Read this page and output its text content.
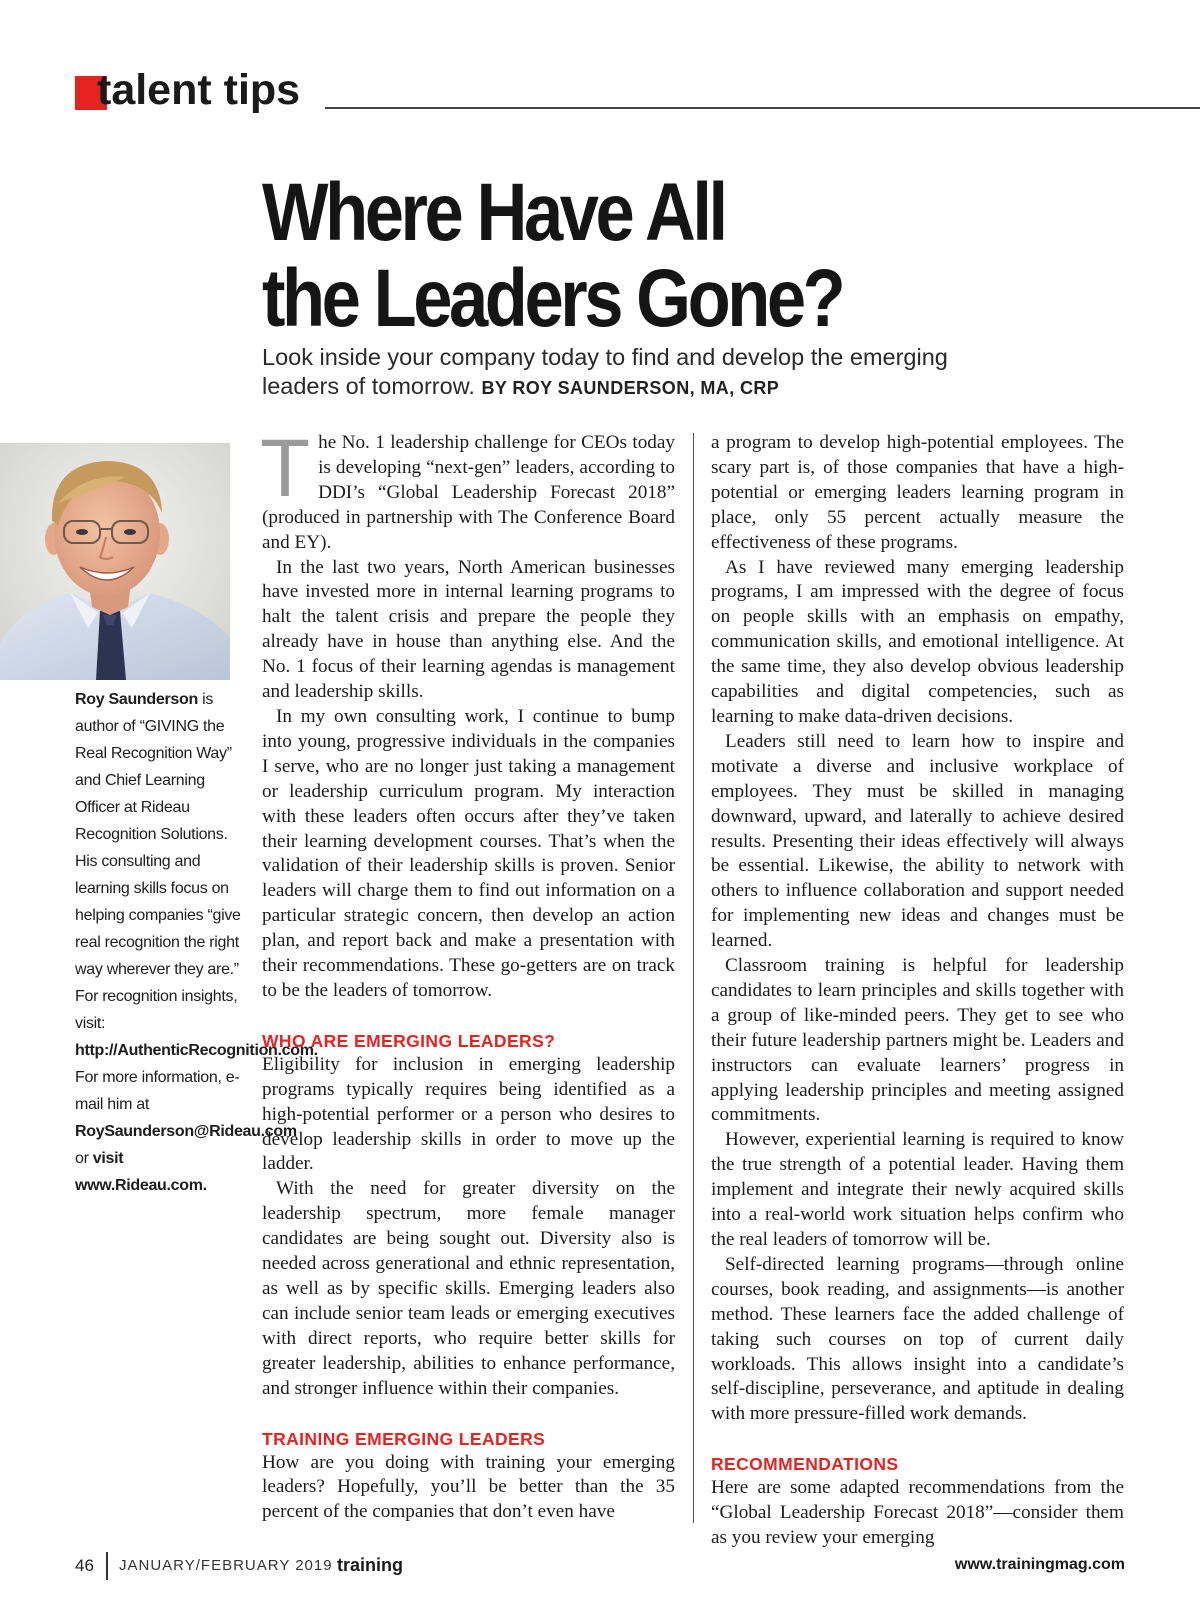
talent tips
Where Have All
the Leaders Gone?
Look inside your company today to find and develop the emerging leaders of tomorrow. BY ROY SAUNDERSON, MA, CRP
Roy Saunderson is author of “GIVING the Real Recognition Way” and Chief Learning Officer at Rideau Recognition Solutions. His consulting and learning skills focus on helping companies “give real recognition the right way wherever they are.” For recognition insights, visit: http://AuthenticRecognition.com. For more information, e-mail him at RoySaunderson@Rideau.com or visit www.Rideau.com.

The No. 1 leadership challenge for CEOs today is developing “next-gen” leaders, according to DDI’s “Global Leadership Forecast 2018” (produced in partnership with The Conference Board and EY).

In the last two years, North American businesses have invested more in internal learning programs to halt the talent crisis and prepare the people they already have in house than anything else. And the No. 1 focus of their learning agendas is management and leadership skills.

In my own consulting work, I continue to bump into young, progressive individuals in the companies I serve, who are no longer just taking a management or leadership curriculum program. My interaction with these leaders often occurs after they’ve taken their learning development courses. That’s when the validation of their leadership skills is proven. Senior leaders will charge them to find out information on a particular strategic concern, then develop an action plan, and report back and make a presentation with their recommendations. These go-getters are on track to be the leaders of tomorrow.

WHO ARE EMERGING LEADERS?

Eligibility for inclusion in emerging leadership programs typically requires being identified as a high-potential performer or a person who desires to develop leadership skills in order to move up the ladder.

With the need for greater diversity on the leadership spectrum, more female manager candidates are being sought out. Diversity also is needed across generational and ethnic representation, as well as by specific skills. Emerging leaders also can include senior team leads or emerging executives with direct reports, who require better skills for greater leadership, abilities to enhance performance, and stronger influence within their companies.

TRAINING EMERGING LEADERS

How are you doing with training your emerging leaders? Hopefully, you’ll be better than the 35 percent of the companies that don’t even have

a program to develop high-potential employees. The scary part is, of those companies that have a high-potential or emerging leaders learning program in place, only 55 percent actually measure the effectiveness of these programs.

As I have reviewed many emerging leadership programs, I am impressed with the degree of focus on people skills with an emphasis on empathy, communication skills, and emotional intelligence. At the same time, they also develop obvious leadership capabilities and digital competencies, such as learning to make data-driven decisions.

Leaders still need to learn how to inspire and motivate a diverse and inclusive workplace of employees. They must be skilled in managing downward, upward, and laterally to achieve desired results. Presenting their ideas effectively will always be essential. Likewise, the ability to network with others to influence collaboration and support needed for implementing new ideas and changes must be learned.

Classroom training is helpful for leadership candidates to learn principles and skills together with a group of like-minded peers. They get to see who their future leadership partners might be. Leaders and instructors can evaluate learners’ progress in applying leadership principles and meeting assigned commitments.

However, experiential learning is required to know the true strength of a potential leader. Having them implement and integrate their newly acquired skills into a real-world work situation helps confirm who the real leaders of tomorrow will be.

Self-directed learning programs—through online courses, book reading, and assignments—is another method. These learners face the added challenge of taking such courses on top of current daily workloads. This allows insight into a candidate’s self-discipline, perseverance, and aptitude in dealing with more pressure-filled work demands.

RECOMMENDATIONS

Here are some adapted recommendations from the “Global Leadership Forecast 2018”—consider them as you review your emerging

46 JANUARY/FEBRUARY 2019 training	www.trainingmag.com
